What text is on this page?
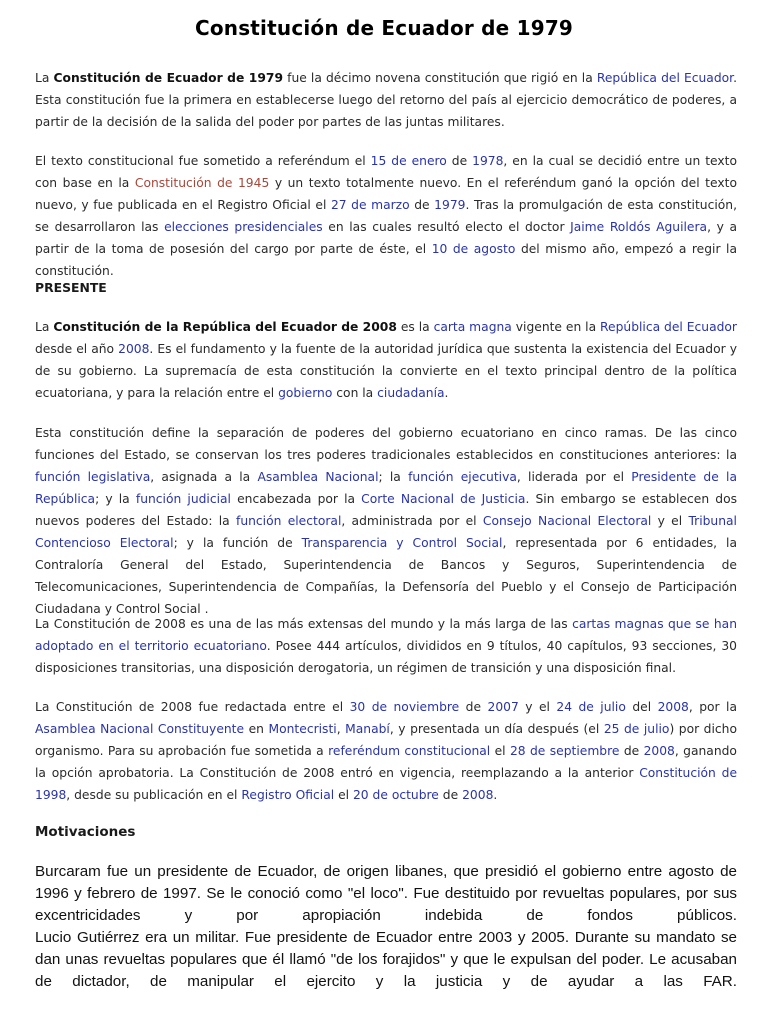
Constitución de Ecuador de 1979
La Constitución de Ecuador de 1979 fue la décimo novena constitución que rigió en la República del Ecuador. Esta constitución fue la primera en establecerse luego del retorno del país al ejercicio democrático de poderes, a partir de la decisión de la salida del poder por partes de las juntas militares.
El texto constitucional fue sometido a referéndum el 15 de enero de 1978, en la cual se decidió entre un texto con base en la Constitución de 1945 y un texto totalmente nuevo. En el referéndum ganó la opción del texto nuevo, y fue publicada en el Registro Oficial el 27 de marzo de 1979. Tras la promulgación de esta constitución, se desarrollaron las elecciones presidenciales en las cuales resultó electo el doctor Jaime Roldós Aguilera, y a partir de la toma de posesión del cargo por parte de éste, el 10 de agosto del mismo año, empezó a regir la constitución.
PRESENTE
La Constitución de la República del Ecuador de 2008 es la carta magna vigente en la República del Ecuador desde el año 2008. Es el fundamento y la fuente de la autoridad jurídica que sustenta la existencia del Ecuador y de su gobierno. La supremacía de esta constitución la convierte en el texto principal dentro de la política ecuatoriana, y para la relación entre el gobierno con la ciudadanía.
Esta constitución define la separación de poderes del gobierno ecuatoriano en cinco ramas. De las cinco funciones del Estado, se conservan los tres poderes tradicionales establecidos en constituciones anteriores: la función legislativa, asignada a la Asamblea Nacional; la función ejecutiva, liderada por el Presidente de la República; y la función judicial encabezada por la Corte Nacional de Justicia. Sin embargo se establecen dos nuevos poderes del Estado: la función electoral, administrada por el Consejo Nacional Electoral y el Tribunal Contencioso Electoral; y la función de Transparencia y Control Social, representada por 6 entidades, la Contraloría General del Estado, Superintendencia de Bancos y Seguros, Superintendencia de Telecomunicaciones, Superintendencia de Compañías, la Defensoría del Pueblo y el Consejo de Participación Ciudadana y Control Social .
La Constitución de 2008 es una de las más extensas del mundo y la más larga de las cartas magnas que se han adoptado en el territorio ecuatoriano. Posee 444 artículos, divididos en 9 títulos, 40 capítulos, 93 secciones, 30 disposiciones transitorias, una disposición derogatoria, un régimen de transición y una disposición final.
La Constitución de 2008 fue redactada entre el 30 de noviembre de 2007 y el 24 de julio del 2008, por la Asamblea Nacional Constituyente en Montecristi, Manabí, y presentada un día después (el 25 de julio) por dicho organismo. Para su aprobación fue sometida a referéndum constitucional el 28 de septiembre de 2008, ganando la opción aprobatoria. La Constitución de 2008 entró en vigencia, reemplazando a la anterior Constitución de 1998, desde su publicación en el Registro Oficial el 20 de octubre de 2008.
Motivaciones
Burcaram fue un presidente de Ecuador, de origen libanes, que presidió el gobierno entre agosto de 1996 y febrero de 1997. Se le conoció como "el loco". Fue destituido por revueltas populares, por sus excentricidades y por apropiación indebida de fondos públicos.
Lucio Gutiérrez era un militar. Fue presidente de Ecuador entre 2003 y 2005. Durante su mandato se dan unas revueltas populares que él llamó "de los forajidos" y que le expulsan del poder. Le acusaban de dictador, de manipular el ejercito y la justicia y de ayudar a las FAR.
